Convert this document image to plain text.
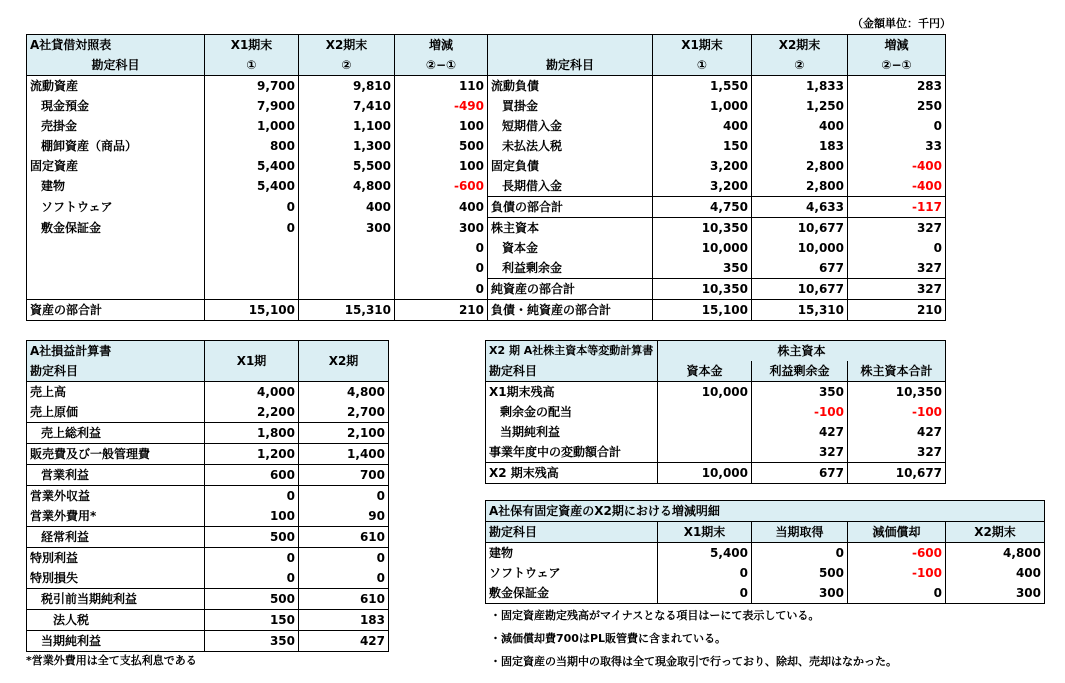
（金額単位：千円）
A社貸借対照表	X1期末	X2期末	増減	勘定科目	X1期末	X2期末	増減
勘定科目	①	②	②−①		①	②	②−①
流動資産	9,700	9,810	110	流動負債	1,550	1,833	283
現金預金	7,900	7,410	-490	買掛金	1,000	1,250	250
売掛金	1,000	1,100	100	短期借入金	400	400	0
棚卸資産（商品）	800	1,300	500	未払法人税	150	183	33
固定資産	5,400	5,500	100	固定負債	3,200	2,800	-400
建物	5,400	4,800	-600	長期借入金	3,200	2,800	-400
ソフトウェア	0	400	400	負債の部合計	4,750	4,633	-117
敷金保証金	0	300	300	株主資本	10,350	10,677	327
			0	資本金	10,000	10,000	0
			0	利益剰余金	350	677	327
			0	純資産の部合計	10,350	10,677	327
資産の部合計	15,100	15,310	210	負債・純資産の部合計	15,100	15,310	210
A社損益計算書	X1期	X2期
勘定科目		
売上高	4,000	4,800
売上原価	2,200	2,700
売上総利益	1,800	2,100
販売費及び一般管理費	1,200	1,400
営業利益	600	700
営業外収益	0	0
営業外費用*	100	90
経常利益	500	610
特別利益	0	0
特別損失	0	0
税引前当期純利益	500	610
法人税	150	183
当期純利益	350	427
*営業外費用は全て支払利息である
X2 期 A社株主資本等変動計算書	株主資本		
勘定科目	資本金	利益剰余金	株主資本合計
X1期末残高	10,000	350	10,350
剰余金の配当		-100	-100
当期純利益		427	427
事業年度中の変動額合計		327	327
X2 期末残高	10,000	677	10,677
A社保有固定資産のX2期における増減明細				
勘定科目	X1期末	当期取得	減価償却	X2期末
建物	5,400	0	-600	4,800
ソフトウェア	0	500	-100	400
敷金保証金	0	300	0	300
・固定資産勘定残高がマイナスとなる項目はーにて表示している。
・減価償却費700はPL販管費に含まれている。
・固定資産の当期中の取得は全て現金取引で行っており、除却、売却はなかった。
